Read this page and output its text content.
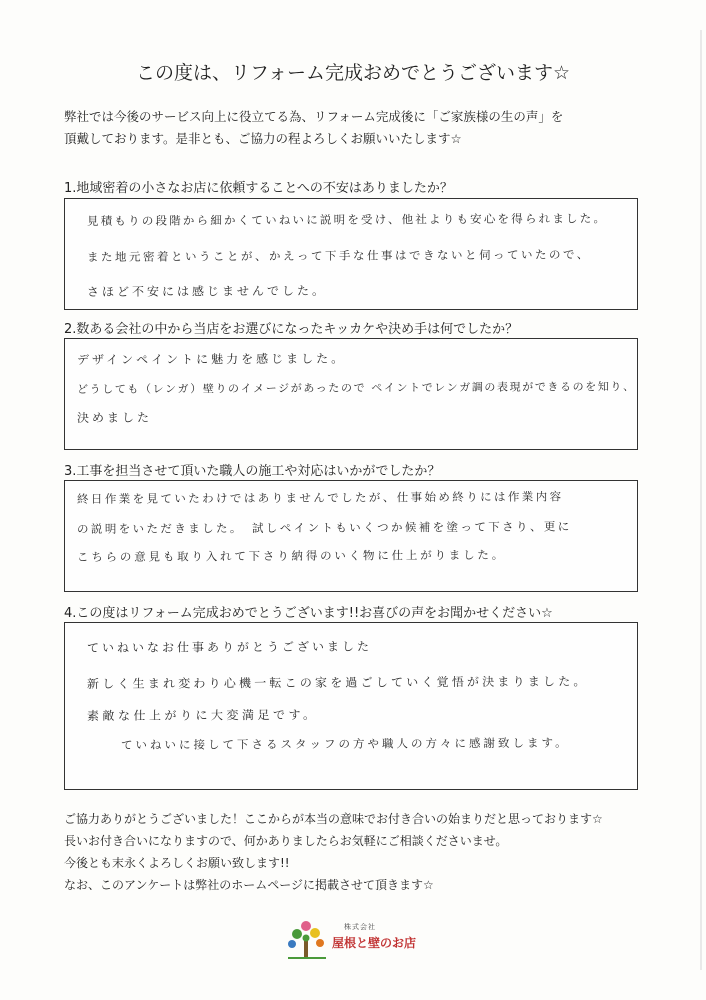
この度は、リフォーム完成おめでとうございます☆
弊社では今後のサービス向上に役立てる為、リフォーム完成後に「ご家族様の生の声」を
頂戴しております。是非とも、ご協力の程よろしくお願いいたします☆
1.地域密着の小さなお店に依頼することへの不安はありましたか？
見積もりの段階から細かくていねいに説明を受け、他社よりも安心を得られました。
また地元密着ということが、かえって下手な仕事はできないと伺っていたので、
さほど不安には感じませんでした。
2.数ある会社の中から当店をお選びになったキッカケや決め手は何でしたか？
デザインペイントに魅力を感じました。
どうしても（レンガ）壁りのイメージがあったので ペイントでレンガ調の表現ができるのを知り、
決めました
3.工事を担当させて頂いた職人の施工や対応はいかがでしたか？
終日作業を見ていたわけではありませんでしたが、仕事始め終りには作業内容
の説明をいただきました。　試しペイントもいくつか候補を塗って下さり、更に
こちらの意見も取り入れて下さり納得のいく物に仕上がりました。
4.この度はリフォーム完成おめでとうございます!!お喜びの声をお聞かせください☆
ていねいなお仕事ありがとうございました
新しく生まれ変わり心機一転この家を過ごしていく覚悟が決まりました。
素敵な仕上がりに大変満足です。
ていねいに接して下さるスタッフの方や職人の方々に感謝致します。
ご協力ありがとうございました！ここからが本当の意味でお付き合いの始まりだと思っております☆
長いお付き合いになりますので、何かありましたらお気軽にご相談くださいませ。
今後とも末永くよろしくお願い致します!!
なお、このアンケートは弊社のホームページに掲載させて頂きます☆
株式会社
屋根と壁のお店
